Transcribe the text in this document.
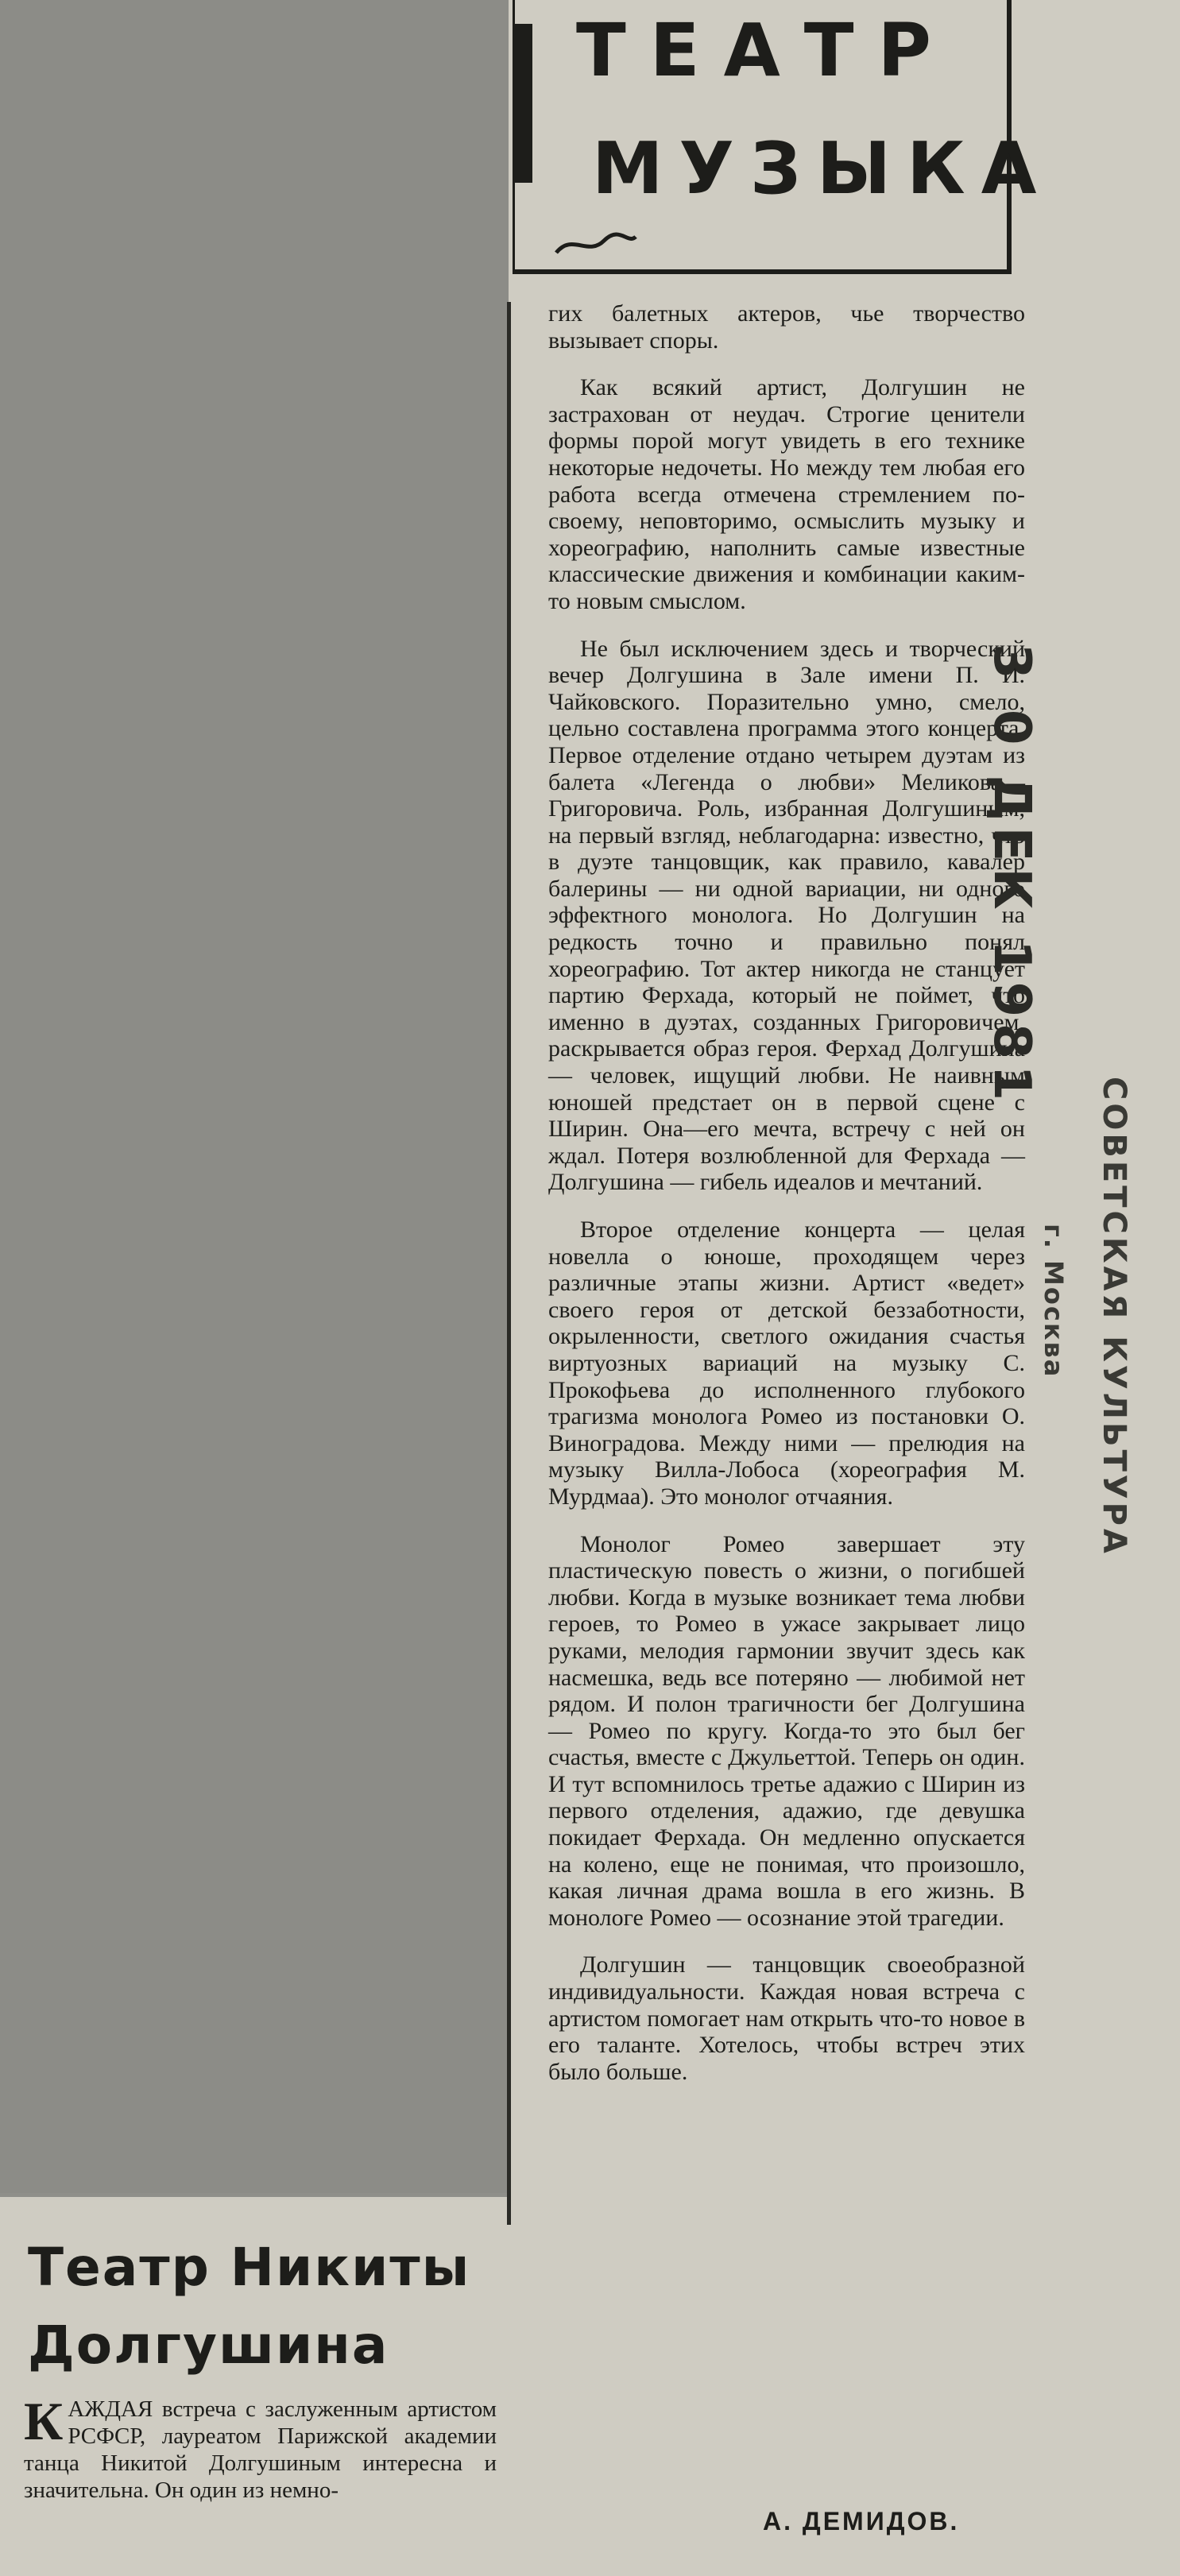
ТЕАТР
МУЗЫКА

гих балетных актеров, чье творчество вызывает споры.

Как всякий артист, Долгушин не застрахован от неудач. Строгие ценители формы порой могут увидеть в его технике некоторые недочеты. Но между тем любая его работа всегда отмечена стремлением по-своему, неповторимо, осмыслить музыку и хореографию, наполнить самые известные классические движения и комбинации каким-то новым смыслом.

Не был исключением здесь и творческий вечер Долгушина в Зале имени П. И. Чайковского. Поразительно умно, смело, цельно составлена программа этого концерта. Первое отделение отдано четырем дуэтам из балета «Легенда о любви» Меликова—Григоровича. Роль, избранная Долгушиным, на первый взгляд, неблагодарна: известно, что в дуэте танцовщик, как правило, кавалер балерины — ни одной вариации, ни одного эффектного монолога. Но Долгушин на редкость точно и правильно понял хореографию. Тот актер никогда не станцует партию Ферхада, который не поймет, что именно в дуэтах, созданных Григоровичем, раскрывается образ героя. Ферхад Долгушина — человек, ищущий любви. Не наивным юношей предстает он в первой сцене с Ширин. Она—его мечта, встречу с ней он ждал. Потеря возлюбленной для Ферхада — Долгушина — гибель идеалов и мечтаний.

Второе отделение концерта — целая новелла о юноше, проходящем через различные этапы жизни. Артист «ведет» своего героя от детской беззаботности, окрыленности, светлого ожидания счастья виртуозных вариаций на музыку С. Прокофьева до исполненного глубокого трагизма монолога Ромео из постановки О. Виноградова. Между ними — прелюдия на музыку Вилла-Лобоса (хореография М. Мурдмаа). Это монолог отчаяния.

Монолог Ромео завершает эту пластическую повесть о жизни, о погибшей любви. Когда в музыке возникает тема любви героев, то Ромео в ужасе закрывает лицо руками, мелодия гармонии звучит здесь как насмешка, ведь все потеряно — любимой нет рядом. И полон трагичности бег Долгушина — Ромео по кругу. Когда-то это был бег счастья, вместе с Джульеттой. Теперь он один. И тут вспомнилось третье адажио с Ширин из первого отделения, адажио, где девушка покидает Ферхада. Он медленно опускается на колено, еще не понимая, что произошло, какая личная драма вошла в его жизнь. В монологе Ромео — осознание этой трагедии.

Долгушин — танцовщик своеобразной индивидуальности. Каждая новая встреча с артистом помогает нам открыть что-то новое в его таланте. Хотелось, чтобы встреч этих было больше.

А. ДЕМИДОВ.
Театр Никиты
Долгушина
К АЖДАЯ встреча с заслуженным артистом РСФСР, лауреатом Парижской академии танца Никитой Долгушиным интересна и значительна. Он один из немно-
3 0 ДЕК 1981
СОВЕТСКАЯ КУЛЬТУРА
г. Москва
